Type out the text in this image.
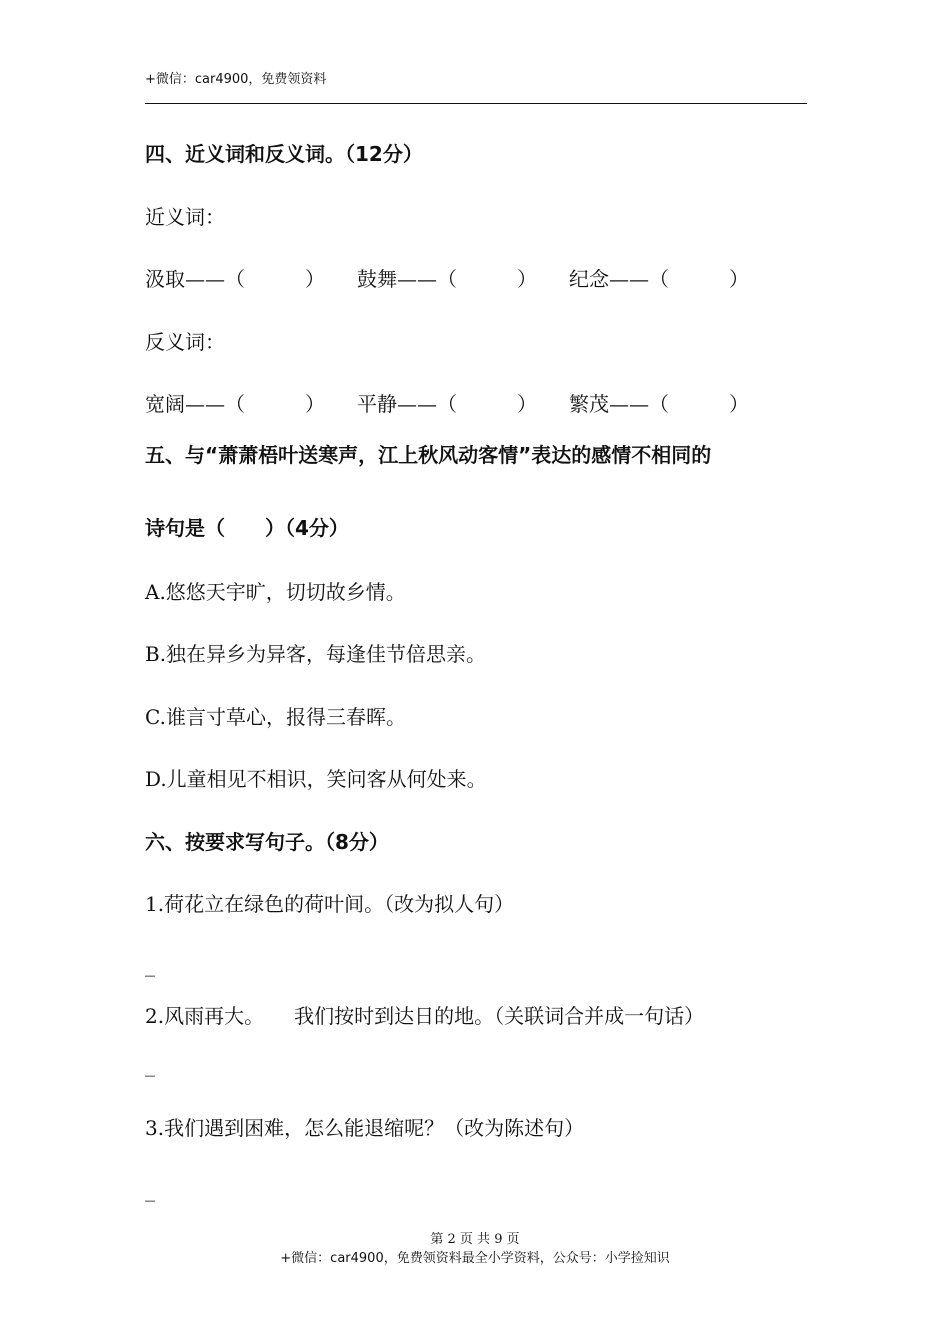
+微信：car4900，免费领资料
四、近义词和反义词。（12分）
近义词：
汲取——（　　　） 鼓舞——（　　　） 纪念——（　　　）
反义词：
宽阔——（　　　） 平静——（　　　） 繁茂——（　　　）
五、与“萧萧梧叶送寒声，江上秋风动客情”表达的感情不相同的
诗句是（　　）（4分）
A.悠悠天宇旷，切切故乡情。
B.独在异乡为异客，每逢佳节倍思亲。
C.谁言寸草心，报得三春晖。
D.儿童相见不相识，笑问客从何处来。
六、按要求写句子。（8分）
1.荷花立在绿色的荷叶间。（改为拟人句）
_
2.风雨再大。　　我们按时到达日的地。（关联词合并成一句话）
_
3.我们遇到困难，怎么能退缩呢？（改为陈述句）
_
第 2 页 共 9 页
+微信：car4900，免费领资料最全小学资料，公众号：小学捡知识
